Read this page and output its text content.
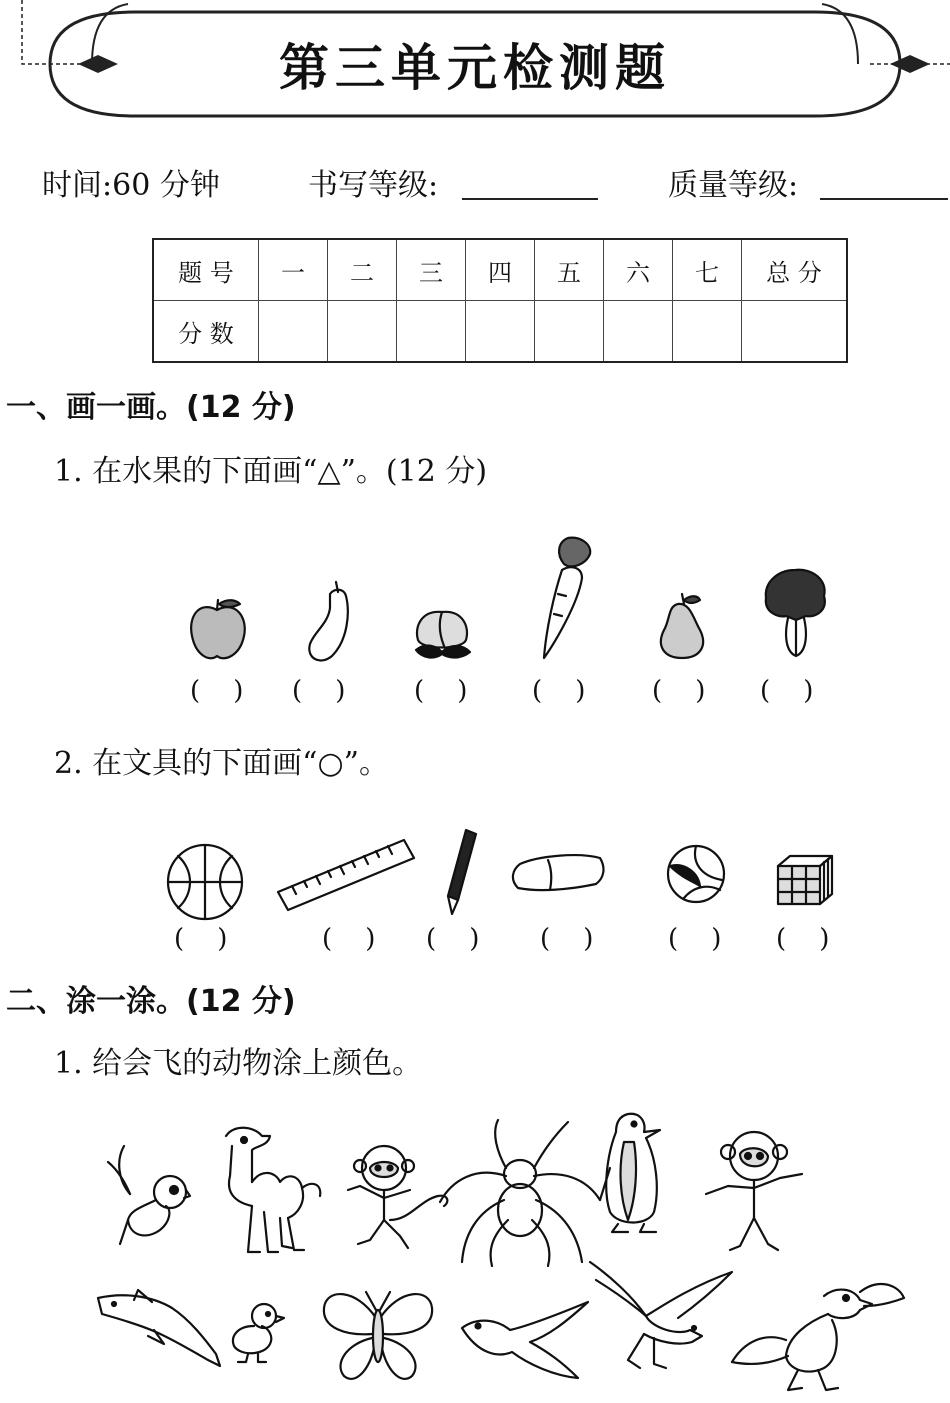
第三单元检测题
时间:60 分钟	书写等级:	质量等级:
题 号	一	二	三	四	五	六	七	总 分
分 数								
一、画一画。(12 分)
1. 在水果的下面画“△”。(12 分)
(    ) (    )	(    ) (    )	(    ) (    )
2. 在文具的下面画“○”。
(    )	(    ) (    ) (    )	(    ) (    )
二、涂一涂。(12 分)
1. 给会飞的动物涂上颜色。
